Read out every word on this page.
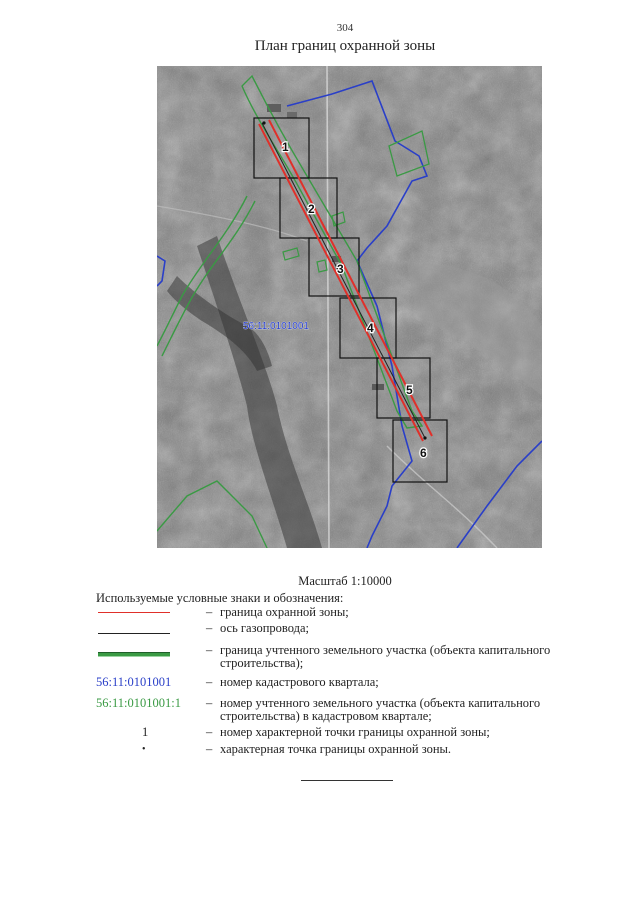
304
План границ охранной зоны
1
2
3
4
5
6
56:11:0101001
Масштаб 1:10000
Используемые условные знаки и обозначения:
– граница охранной зоны;
– ось газопровода;
– граница учтенного земельного участка (объекта капитального строительства);
56:11:0101001	– номер кадастрового квартала;
56:11:0101001:1	– номер учтенного земельного участка (объекта капитального строительства) в кадастровом квартале;
1	– номер характерной точки границы охранной зоны;
•	– характерная точка границы охранной зоны.
